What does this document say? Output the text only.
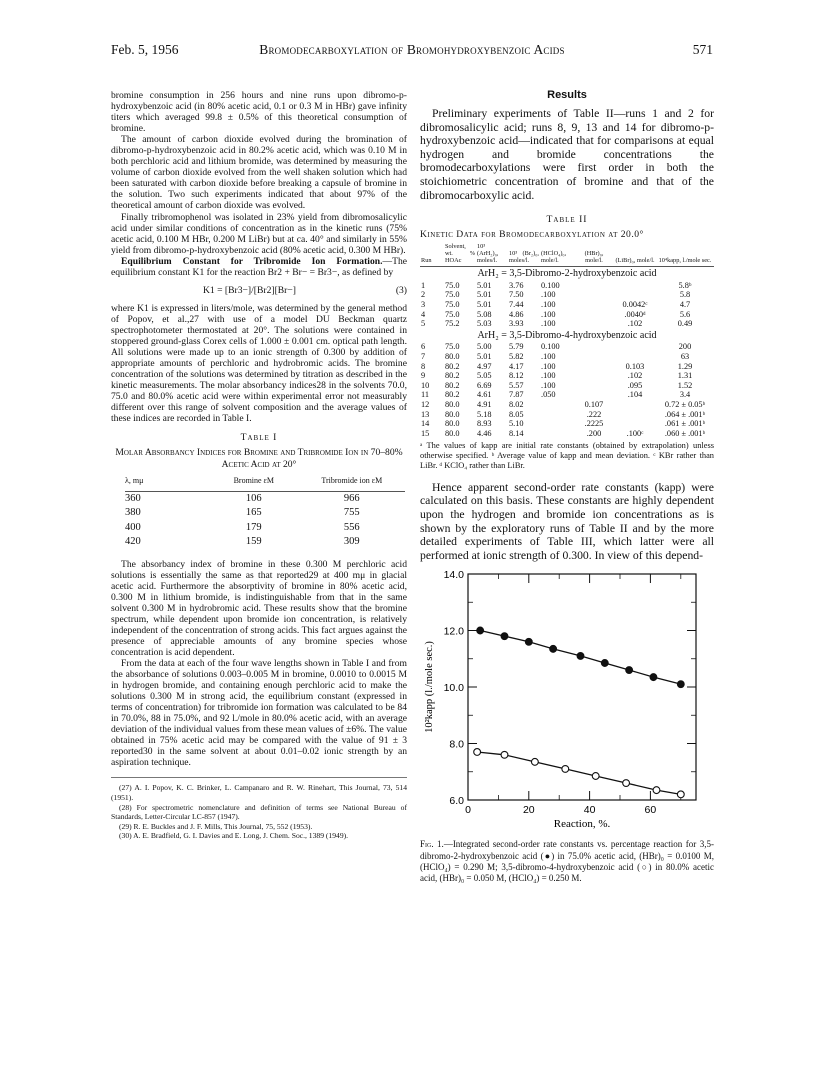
Feb. 5, 1956	Bromodecarboxylation of Bromohydroxybenzoic Acids	571

bromine consumption in 256 hours and nine runs upon dibromo-p-hydroxybenzoic acid (in 80% acetic acid, 0.1 or 0.3 M in HBr) gave infinity titers which averaged 99.8 ± 0.5% of this theoretical consumption of bromine.

The amount of carbon dioxide evolved during the bromination of dibromo-p-hydroxybenzoic acid in 80.2% acetic acid, which was 0.10 M in both perchloric acid and lithium bromide, was determined by measuring the volume of carbon dioxide evolved from the well shaken solution which had been saturated with carbon dioxide before breaking a capsule of bromine in the solution. Two such experiments indicated that about 97% of the theoretical amount of carbon dioxide was evolved.

Finally tribromophenol was isolated in 23% yield from dibromosalicylic acid under similar conditions of concentration as in the kinetic runs (75% acetic acid, 0.100 M HBr, 0.200 M LiBr) but at ca. 40° and similarly in 55% yield from dibromo-p-hydroxybenzoic acid (80% acetic acid, 0.300 M HBr).

Equilibrium Constant for Tribromide Ion Formation.—The equilibrium constant K1 for the reaction Br2 + Br− = Br3−, as defined by

K1 = [Br3−]/[Br2][Br−]	(3)

where K1 is expressed in liters/mole, was determined by the general method of Popov, et al.,27 with use of a model DU Beckman quartz spectrophotometer thermostated at 20°. The solutions were contained in stoppered ground-glass Corex cells of 1.000 ± 0.001 cm. optical path length. All solutions were made up to an ionic strength of 0.300 by addition of appropriate amounts of perchloric and hydrobromic acids. The bromine concentration of the solutions was determined by titration as described in the kinetic measurements. The molar absorbancy indices28 in the solvents 70.0, 75.0 and 80.0% acetic acid were within experimental error not measurably different over this range of solvent composition and the average values of these indices are recorded in Table I.

Table I
Molar Absorbancy Indices for Bromine and Tribromide Ion in 70–80% Acetic Acid at 20°
λ, mμ	Bromine εM	Tribromide ion εM
360	106	966
380	165	755
400	179	556
420	159	309

The absorbancy index of bromine in these 0.300 M perchloric acid solutions is essentially the same as that reported29 at 400 mμ in glacial acetic acid. Furthermore the absorptivity of bromine in 80% acetic acid, 0.300 M in lithium bromide, is indistinguishable from that in the same solvent 0.300 M in hydrobromic acid. These results show that the bromine spectrum, while dependent upon bromide ion concentration, is relatively independent of the concentration of strong acids. This fact argues against the presence of appreciable amounts of any bromine species whose concentration is acid dependent.

From the data at each of the four wave lengths shown in Table I and from the absorbance of solutions 0.003–0.005 M in bromine, 0.0010 to 0.0015 M in hydrogen bromide, and containing enough perchloric acid to make the solutions 0.300 M in strong acid, the equilibrium constant (expressed in terms of concentration) for tribromide ion formation was calculated to be 84 in 70.0%, 88 in 75.0%, and 92 l./mole in 80.0% acetic acid, with an average deviation of the individual values from these mean values of ±6%. The value obtained in 75% acetic acid may be compared with the value of 91 ± 3 reported30 in the same solvent at about 0.01–0.02 ionic strength by an aspiration technique.

(27) A. I. Popov, K. C. Brinker, L. Campanaro and R. W. Rinehart, This Journal, 73, 514 (1951).

(28) For spectrometric nomenclature and definition of terms see National Bureau of Standards, Letter-Circular LC-857 (1947).

(29) R. E. Buckles and J. F. Mills, This Journal, 75, 552 (1953).

(30) A. E. Bradfield, G. I. Davies and E. Long, J. Chem. Soc., 1389 (1949).

Results

Preliminary experiments of Table II—runs 1 and 2 for dibromosalicylic acid; runs 8, 9, 13 and 14 for dibromo-p-hydroxybenzoic acid—indicated that for comparisons at equal hydrogen and bromide concentrations the bromodecarboxylations were first order in both the stoichiometric concentration of bromine and that of the dibromocarboxylic acid.

Table II
Kinetic Data for Bromodecarboxylation at 20.0°
Run	Solvent, wt. % HOAc	10³ (ArH₂)₀, moles/l.	10³ (Br₂)₀, moles/l.	(HClO₄)₀, mole/l.	(HBr)₀, mole/l.	(LiBr)₀, mole/l.	10⁴kapp, l./mole sec.
ArH₂ = 3,5-Dibromo-2-hydroxybenzoic acid							
1	75.0	5.01	3.76	0.100			5.8ᵇ
2	75.0	5.01	7.50	.100			5.8
3	75.0	5.01	7.44	.100		0.0042ᶜ	4.7
4	75.0	5.08	4.86	.100		.0040ᵈ	5.6
5	75.2	5.03	3.93	.100		.102	0.49
ArH₂ = 3,5-Dibromo-4-hydroxybenzoic acid							
6	75.0	5.00	5.79	0.100			200
7	80.0	5.01	5.82	.100			63
8	80.2	4.97	4.17	.100		0.103	1.29
9	80.2	5.05	8.12	.100		.102	1.31
10	80.2	6.69	5.57	.100		.095	1.52
11	80.2	4.61	7.87	.050		.104	3.4
12	80.0	4.91	8.02		0.107		0.72 ± 0.05ᵇ
13	80.0	5.18	8.05		.222		.064 ± .001ᵇ
14	80.0	8.93	5.10		.2225		.061 ± .001ᵇ
15	80.0	4.46	8.14		.200	.100ᶜ	.060 ± .001ᵇ
ᵃ The values of kapp are initial rate constants (obtained by extrapolation) unless otherwise specified. ᵇ Average value of kapp and mean deviation. ᶜ KBr rather than LiBr. ᵈ KClO₄ rather than LiBr.

Hence apparent second-order rate constants (kapp) were calculated on this basis. These constants are highly dependent upon the hydrogen and bromide ion concentrations as is shown by the exploratory runs of Table II and by the more detailed experiments of Table III, which latter were all performed at ionic strength of 0.300. In view of this depend-

6.0
8.0
10.0
12.0
14.0
0	20	40	60
Reaction, %.
10²kapp (l./mole sec.)

Fig. 1.—Integrated second-order rate constants vs. percentage reaction for 3,5-dibromo-2-hydroxybenzoic acid (●) in 75.0% acetic acid, (HBr)₀ = 0.0100 M, (HClO₄) = 0.290 M; 3,5-dibromo-4-hydroxybenzoic acid (○) in 80.0% acetic acid, (HBr)₀ = 0.050 M, (HClO₄) = 0.250 M.
